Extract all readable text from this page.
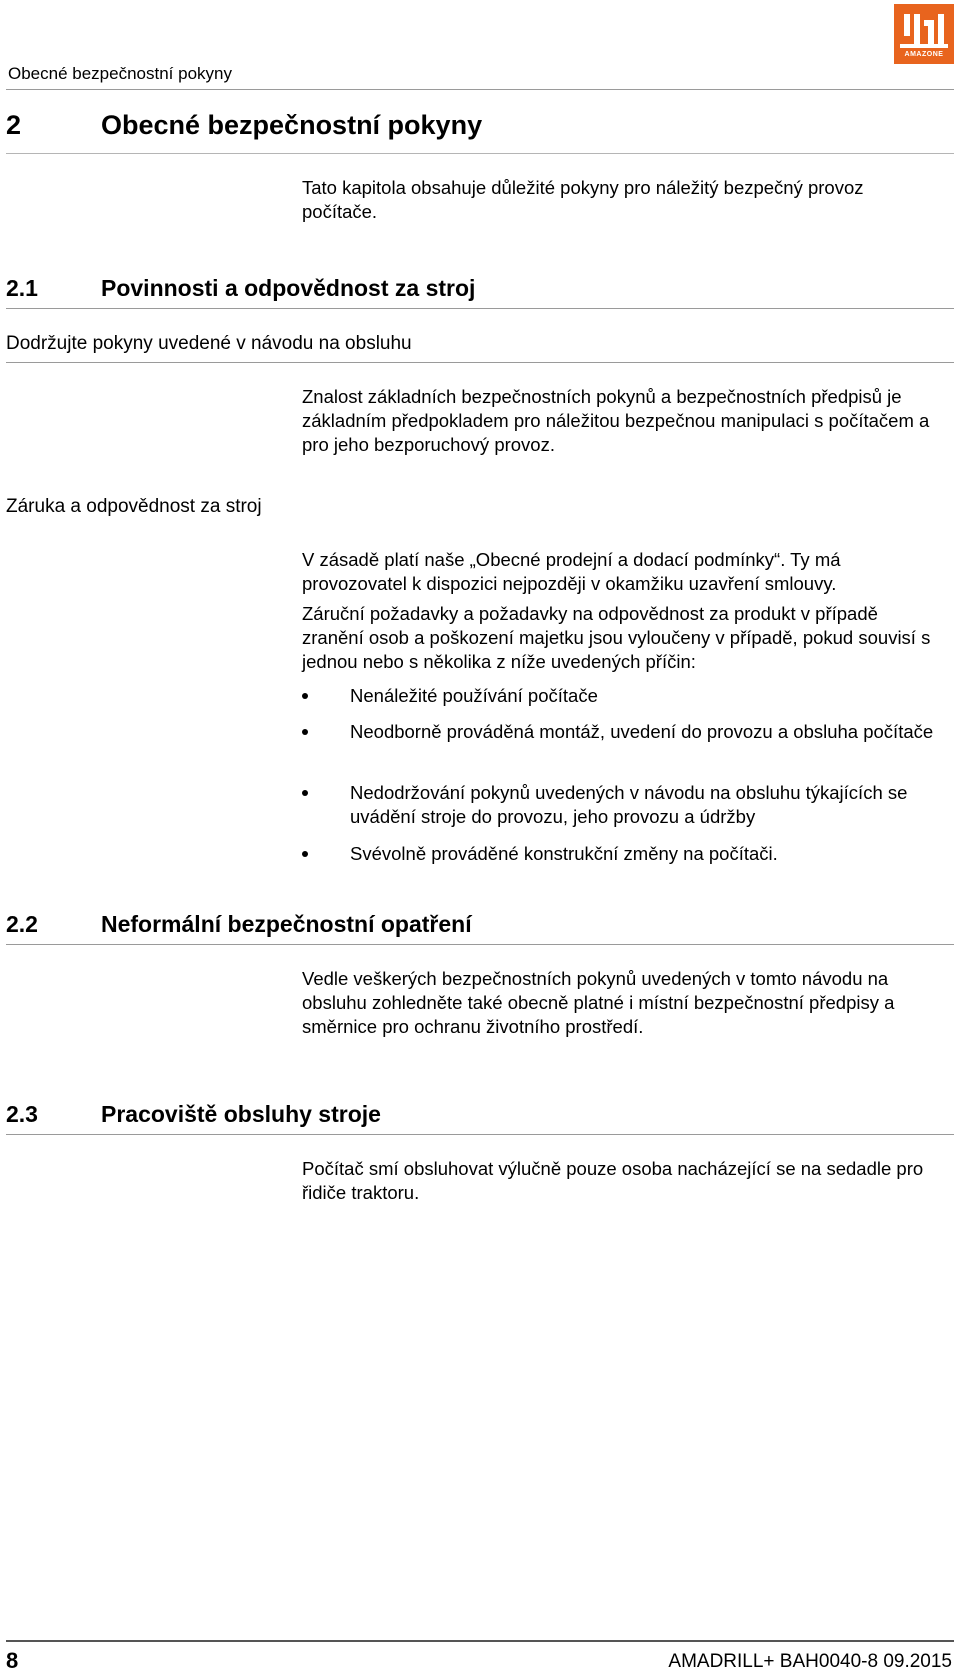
AMAZONE
Obecné bezpečnostní pokyny
2	Obecné bezpečnostní pokyny
Tato kapitola obsahuje důležité pokyny pro náležitý bezpečný provoz počítače.
2.1	Povinnosti a odpovědnost za stroj
Dodržujte pokyny uvedené v návodu na obsluhu
Znalost základních bezpečnostních pokynů a bezpečnostních předpisů je základním předpokladem pro náležitou bezpečnou manipulaci s počítačem a pro jeho bezporuchový provoz.
Záruka a odpovědnost za stroj
V zásadě platí naše „Obecné prodejní a dodací podmínky“. Ty má provozovatel k dispozici nejpozději v okamžiku uzavření smlouvy.
Záruční požadavky a požadavky na odpovědnost za produkt v případě zranění osob a poškození majetku jsou vyloučeny v případě, pokud souvisí s jednou nebo s několika z níže uvedených příčin:
Nenáležité používání počítače
Neodborně prováděná montáž, uvedení do provozu a obsluha počítače
Nedodržování pokynů uvedených v návodu na obsluhu týkajících se uvádění stroje do provozu, jeho provozu a údržby
Svévolně prováděné konstrukční změny na počítači.
2.2	Neformální bezpečnostní opatření
Vedle veškerých bezpečnostních pokynů uvedených v tomto návodu na obsluhu zohledněte také obecně platné i místní bezpečnostní předpisy a směrnice pro ochranu životního prostředí.
2.3	Pracoviště obsluhy stroje
Počítač smí obsluhovat výlučně pouze osoba nacházející se na sedadle pro řidiče traktoru.
8	AMADRILL+ BAH0040-8 09.2015
